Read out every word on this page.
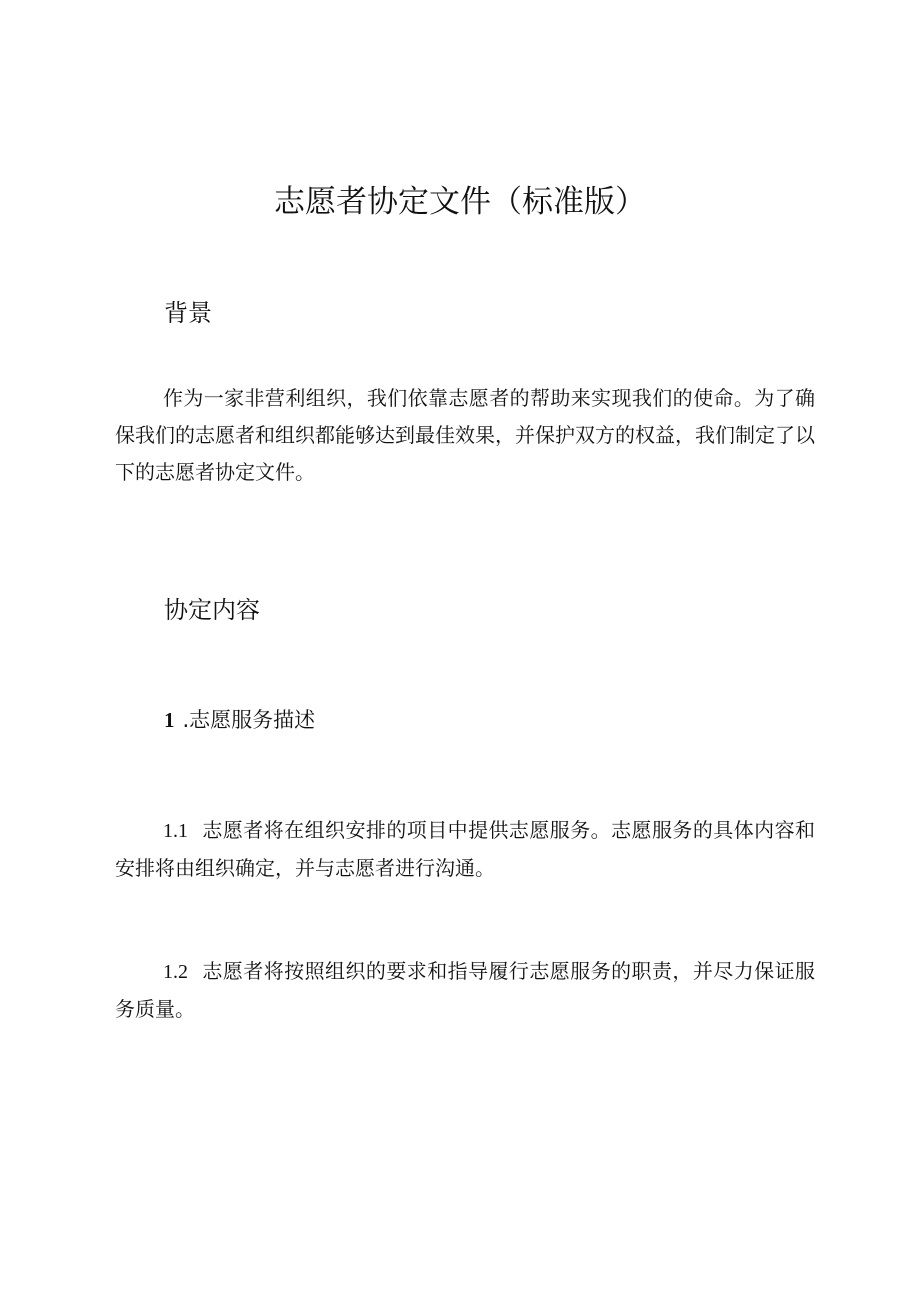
志愿者协定文件（标准版）
背景

作为一家非营利组织，我们依靠志愿者的帮助来实现我们的使命。为了确保我们的志愿者和组织都能够达到最佳效果，并保护双方的权益，我们制定了以下的志愿者协定文件。

协定内容
1 .志愿服务描述

1.1 志愿者将在组织安排的项目中提供志愿服务。志愿服务的具体内容和安排将由组织确定，并与志愿者进行沟通。

1.2 志愿者将按照组织的要求和指导履行志愿服务的职责，并尽力保证服务质量。
